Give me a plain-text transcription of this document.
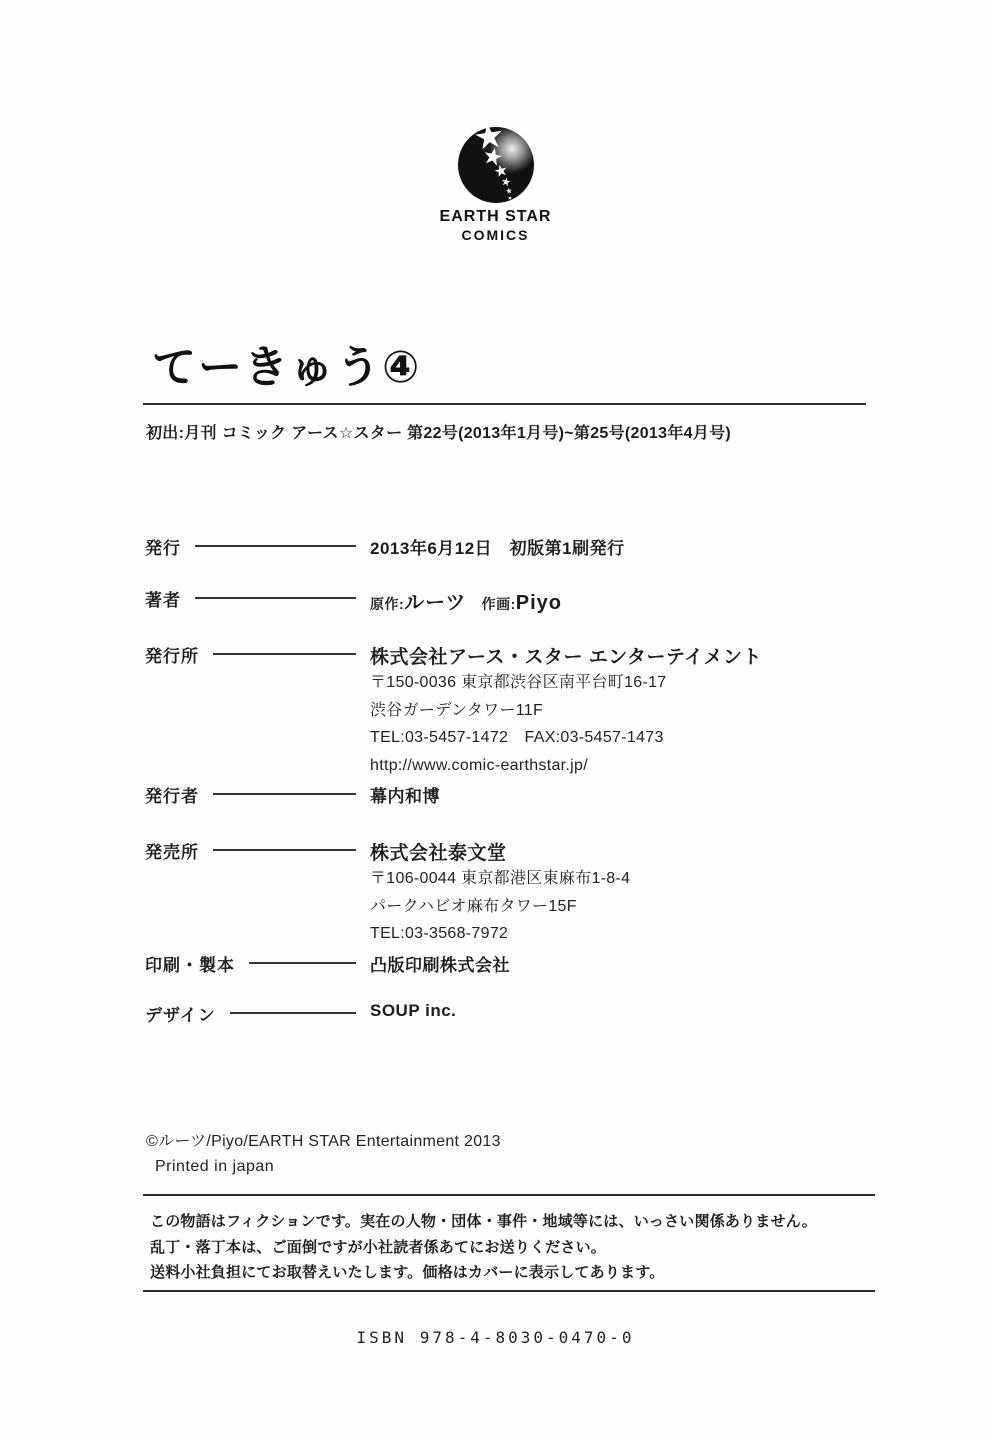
EARTH STAR
COMICS
てーきゅう④
初出:月刊 コミック アース☆スター 第22号(2013年1月号)~第25号(2013年4月号)
発行	2013年6月12日　初版第1刷発行
著者	原作:ルーツ 作画:Piyo
発行所	株式会社アース・スター エンターテイメント
〒150-0036 東京都渋谷区南平台町16-17
渋谷ガーデンタワー11F
TEL:03-5457-1472　FAX:03-5457-1473
http://www.comic-earthstar.jp/
発行者	幕内和博
発売所	株式会社泰文堂
〒106-0044 東京都港区東麻布1-8-4
パークハビオ麻布タワー15F
TEL:03-3568-7972
印刷・製本	凸版印刷株式会社
デザイン	SOUP inc.
©ルーツ/Piyo/EARTH STAR Entertainment 2013
Printed in japan
この物語はフィクションです。実在の人物・団体・事件・地域等には、いっさい関係ありません。
乱丁・落丁本は、ご面倒ですが小社読者係あてにお送りください。
送料小社負担にてお取替えいたします。価格はカバーに表示してあります。
ISBN 978-4-8030-0470-0
